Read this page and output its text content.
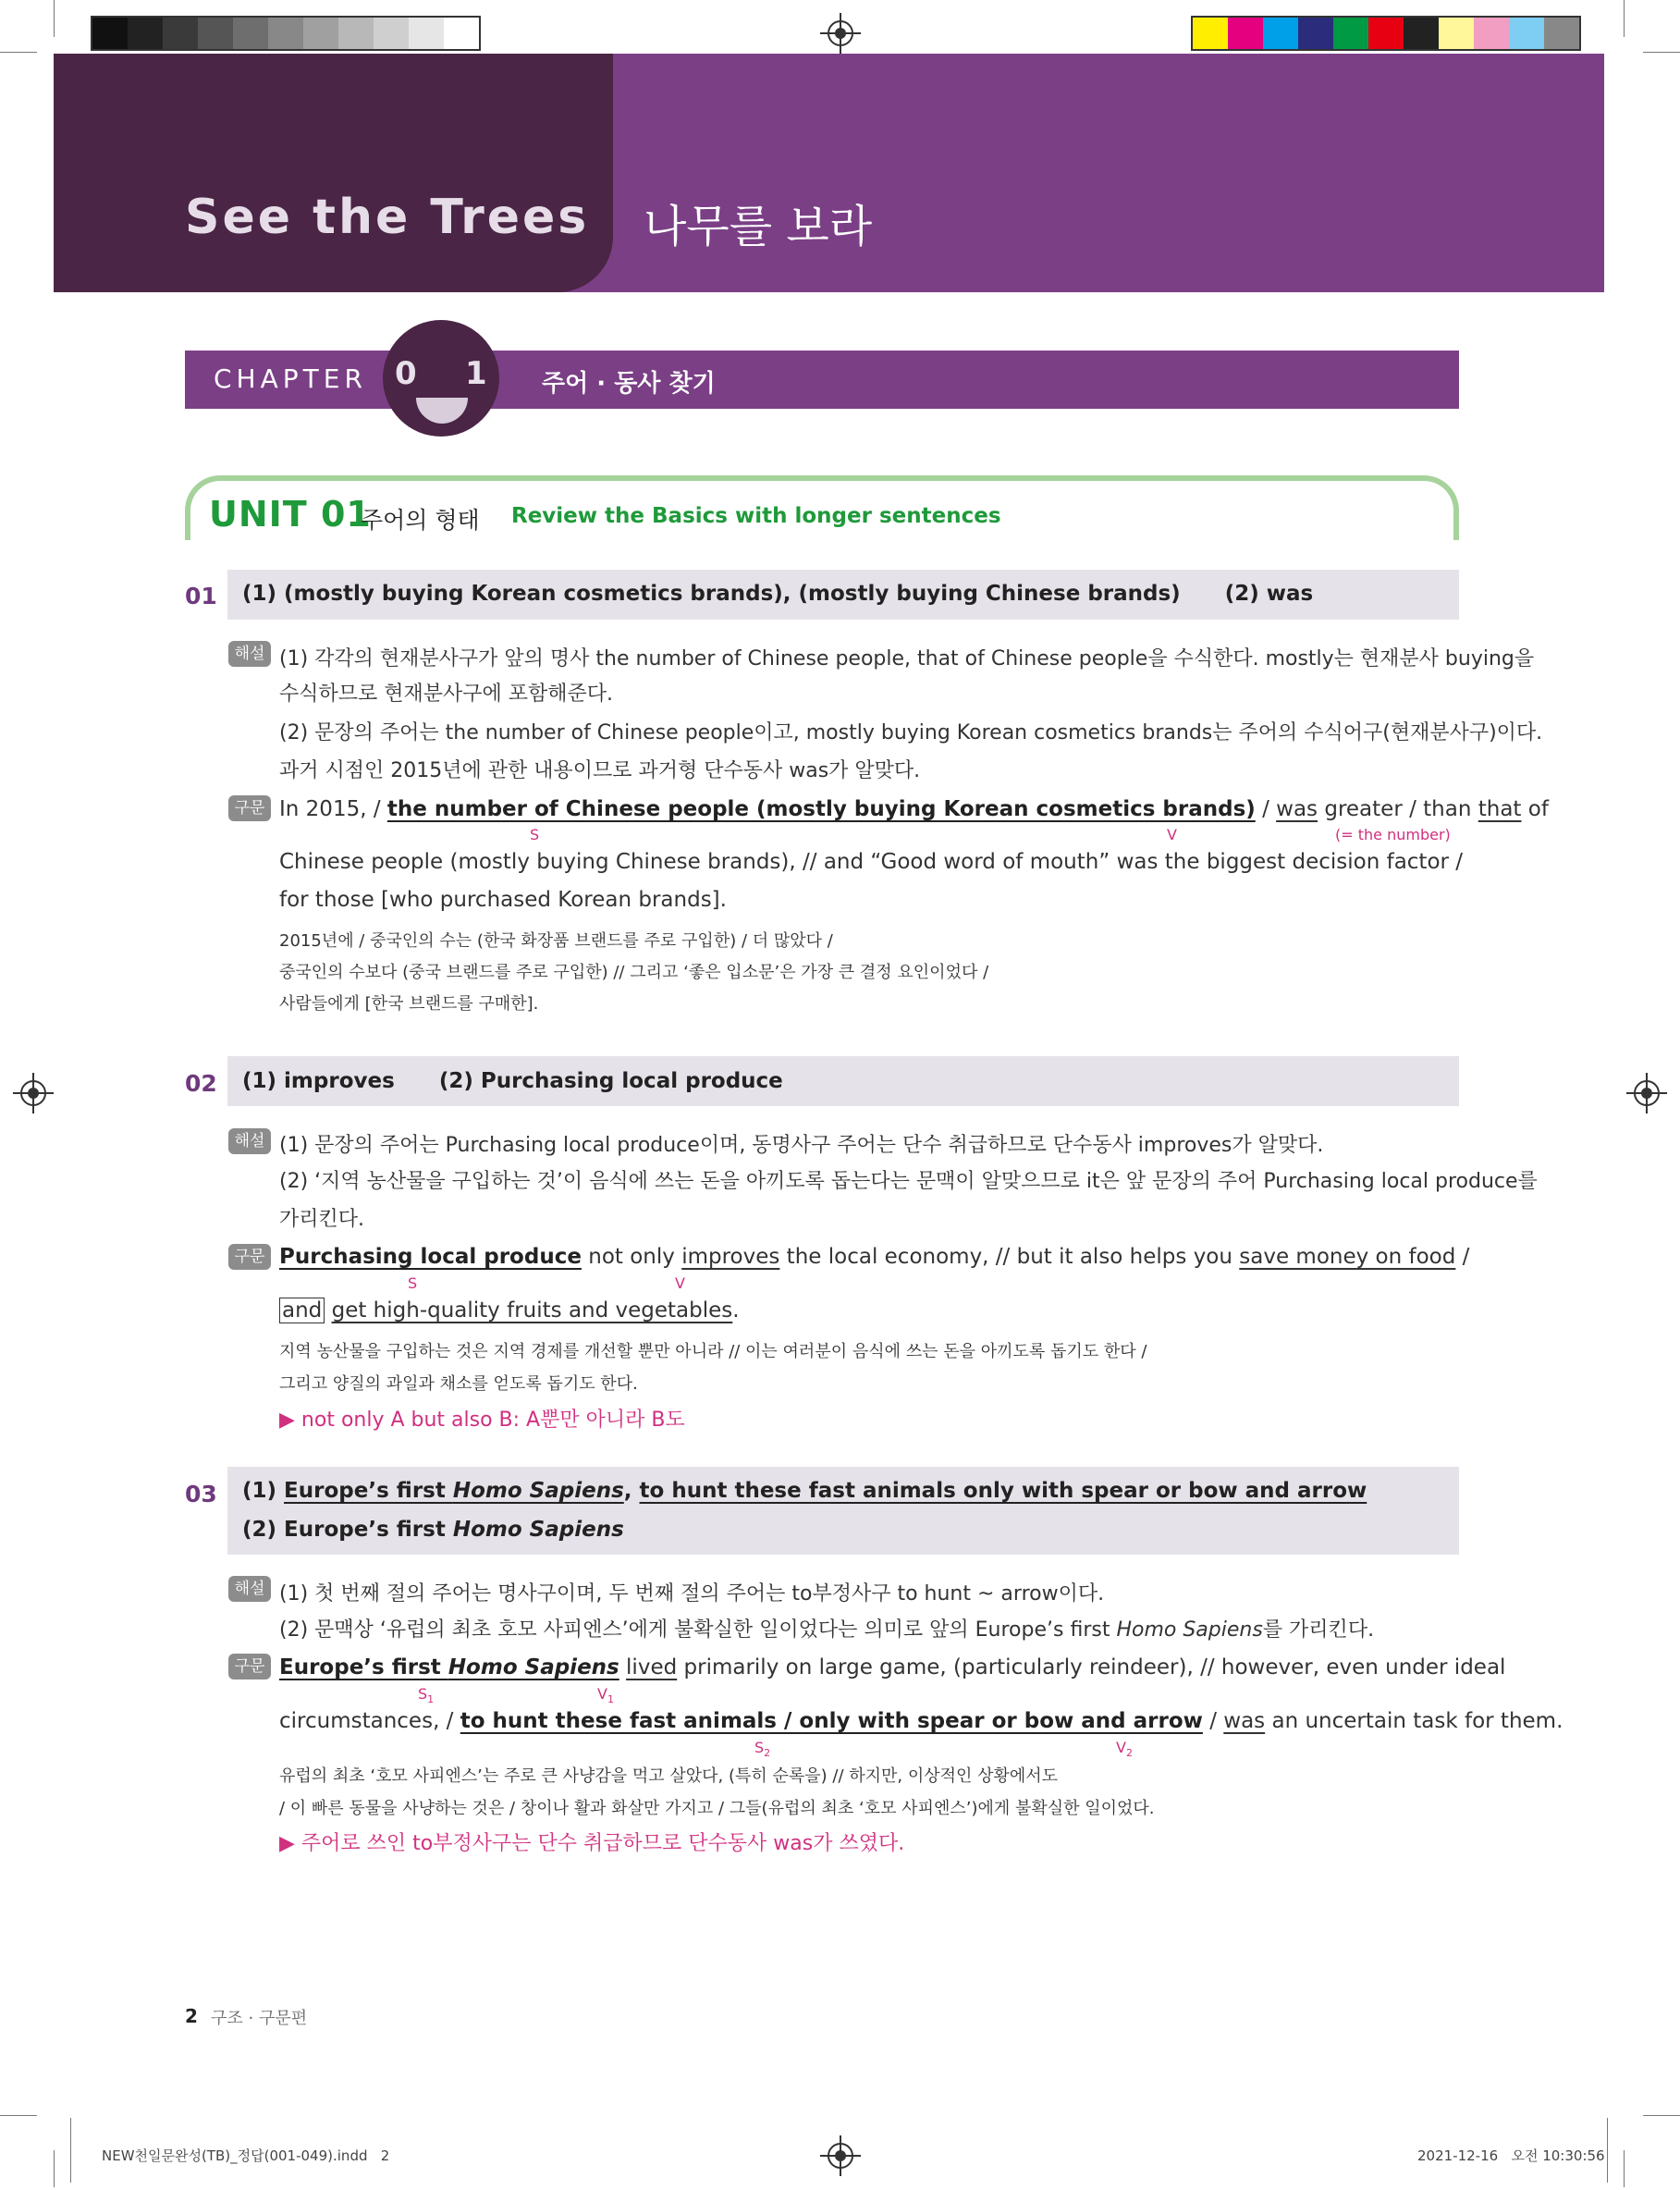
See the Trees 나무를 보라
CHAPTER 0 1 주어 · 동사 찾기
UNIT 01
주어의 형태 Review the Basics with longer sentences
01 (1) (mostly buying Korean cosmetics brands), (mostly buying Chinese brands)      (2) was
해설 (1) 각각의 현재분사구가 앞의 명사 the number of Chinese people, that of Chinese people을 수식한다. mostly는 현재분사 buying을
수식하므로 현재분사구에 포함해준다.
(2) 문장의 주어는 the number of Chinese people이고, mostly buying Korean cosmetics brands는 주어의 수식어구(현재분사구)이다.
과거 시점인 2015년에 관한 내용이므로 과거형 단수동사 was가 알맞다.
구문 In 2015, / the number of Chinese people (mostly buying Korean cosmetics brands) / was greater / than that of
S	V	(= the number)
Chinese people (mostly buying Chinese brands), // and “Good word of mouth” was the biggest decision factor /
for those [who purchased Korean brands].
2015년에 / 중국인의 수는 (한국 화장품 브랜드를 주로 구입한) / 더 많았다 /
중국인의 수보다 (중국 브랜드를 주로 구입한) // 그리고 ‘좋은 입소문’은 가장 큰 결정 요인이었다 /
사람들에게 [한국 브랜드를 구매한].
02 (1) improves      (2) Purchasing local produce
해설 (1) 문장의 주어는 Purchasing local produce이며, 동명사구 주어는 단수 취급하므로 단수동사 improves가 알맞다.
(2) ‘지역 농산물을 구입하는 것’이 음식에 쓰는 돈을 아끼도록 돕는다는 문맥이 알맞으므로 it은 앞 문장의 주어 Purchasing local produce를
가리킨다.
구문 Purchasing local produce not only improves the local economy, // but it also helps you save money on food /
S	V
and get high-quality fruits and vegetables.
지역 농산물을 구입하는 것은 지역 경제를 개선할 뿐만 아니라 // 이는 여러분이 음식에 쓰는 돈을 아끼도록 돕기도 한다 /
그리고 양질의 과일과 채소를 얻도록 돕기도 한다.
▶ not only A but also B: A뿐만 아니라 B도
03 (1) Europe’s first Homo Sapiens, to hunt these fast animals only with spear or bow and arrow
(2) Europe’s first Homo Sapiens
해설 (1) 첫 번째 절의 주어는 명사구이며, 두 번째 절의 주어는 to부정사구 to hunt ~ arrow이다.
(2) 문맥상 ‘유럽의 최초 호모 사피엔스’에게 불확실한 일이었다는 의미로 앞의 Europe’s first Homo Sapiens를 가리킨다.
구문 Europe’s first Homo Sapiens lived primarily on large game, (particularly reindeer), // however, even under ideal
$S_1$	$V_1$
circumstances, / to hunt these fast animals / only with spear or bow and arrow / was an uncertain task for them.
$S_2$	$V_2$
유럽의 최초 ‘호모 사피엔스’는 주로 큰 사냥감을 먹고 살았다, (특히 순록을) // 하지만, 이상적인 상황에서도
/ 이 빠른 동물을 사냥하는 것은 / 창이나 활과 화살만 가지고 / 그들(유럽의 최초 ‘호모 사피엔스’)에게 불확실한 일이었다.
▶ 주어로 쓰인 to부정사구는 단수 취급하므로 단수동사 was가 쓰였다.
2 구조 · 구문편
NEW천일문완성(TB)_정답(001-049).indd   2	2021-12-16   오전 10:30:56
